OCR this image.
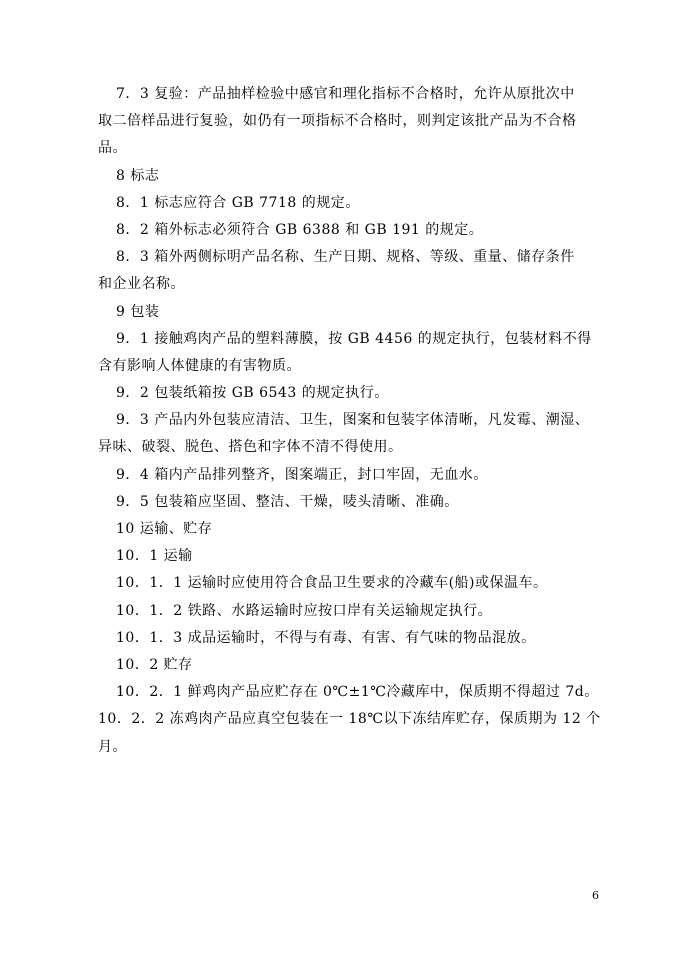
7．3 复验：产品抽样检验中感官和理化指标不合格时，允许从原批次中
取二倍样品进行复验，如仍有一项指标不合格时，则判定该批产品为不合格
品。
8 标志
8．1 标志应符合 GB 7718 的规定。
8．2 箱外标志必须符合 GB 6388 和 GB 191 的规定。
8．3 箱外两侧标明产品名称、生产日期、规格、等级、重量、储存条件
和企业名称。
9 包装
9．1 接触鸡肉产品的塑料薄膜，按 GB 4456 的规定执行，包装材料不得
含有影响人体健康的有害物质。
9．2 包装纸箱按 GB 6543 的规定执行。
9．3 产品内外包装应清洁、卫生，图案和包装字体清晰，凡发霉、潮湿、
异味、破裂、脱色、搭色和字体不清不得使用。
9．4 箱内产品排列整齐，图案端正，封口牢固，无血水。
9．5 包装箱应坚固、整洁、干燥，唛头清晰、准确。
10 运输、贮存
10．1 运输
10．1．1 运输时应使用符合食品卫生要求的冷藏车(船)或保温车。
10．1．2 铁路、水路运输时应按口岸有关运输规定执行。
10．1．3 成品运输时，不得与有毒、有害、有气味的物品混放。
10．2 贮存
10．2．1 鲜鸡肉产品应贮存在 0℃±1℃冷藏库中，保质期不得超过 7d。
10．2．2 冻鸡肉产品应真空包装在一 18℃以下冻结库贮存，保质期为 12 个
月。
6
